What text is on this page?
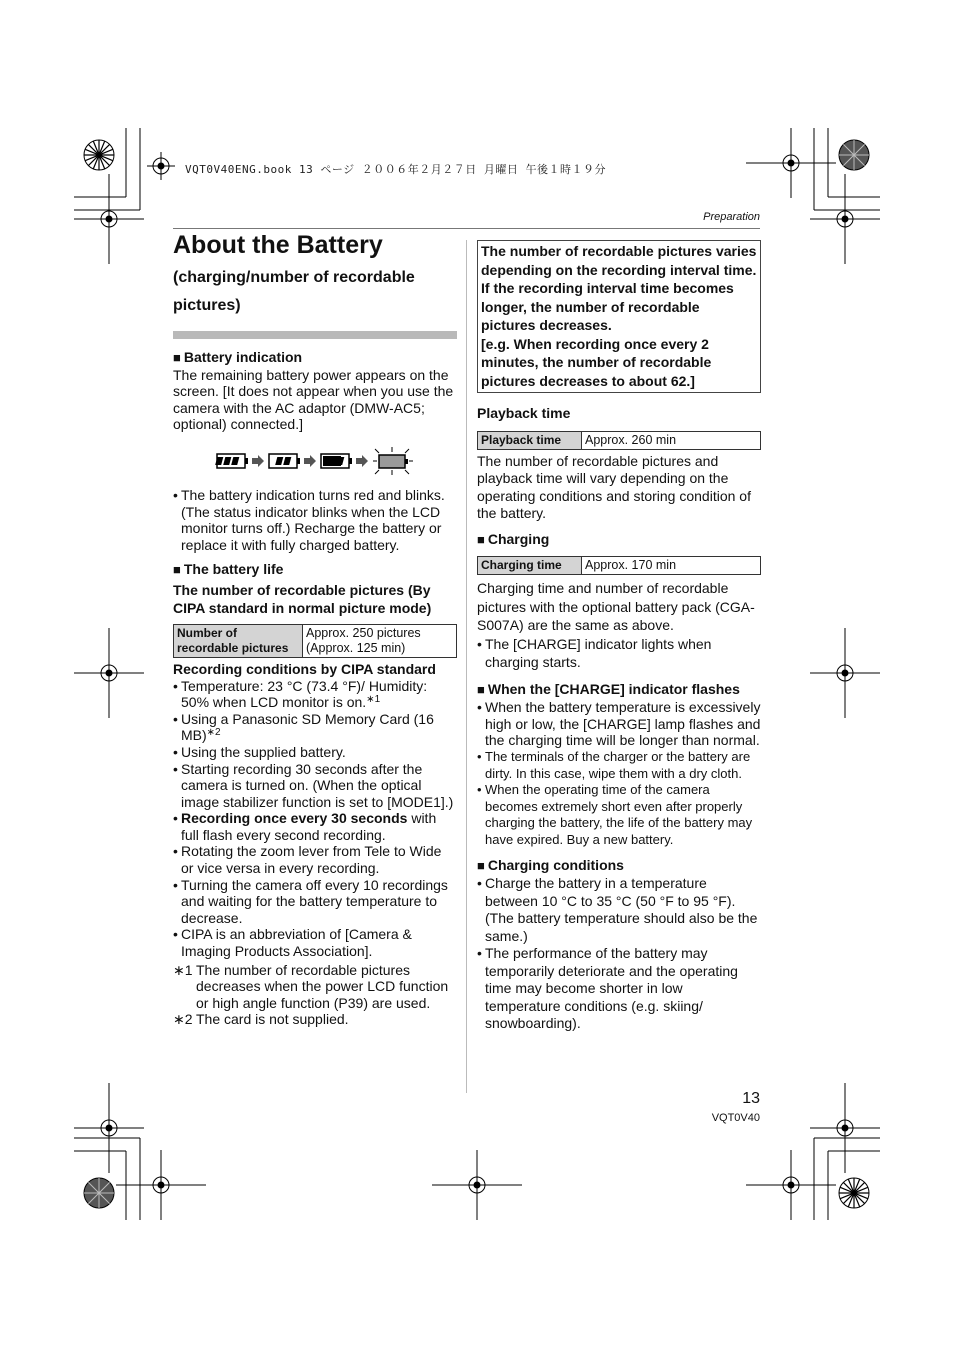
VQT0V40ENG.book 13 ページ ２００６年２月２７日 月曜日 午後１時１９分
Preparation
About the Battery

(charging/number of recordable pictures)

■ Battery indication

The remaining battery power appears on the screen. [It does not appear when you use the camera with the AC adaptor (DMW-AC5; optional) connected.]

• The battery indication turns red and blinks. (The status indicator blinks when the LCD monitor turns off.) Recharge the battery or replace it with fully charged battery.

■ The battery life

The number of recordable pictures (By CIPA standard in normal picture mode)

Number of recordable pictures	Approx. 250 pictures
(Approx. 125 min)

Recording conditions by CIPA standard

• Temperature: 23 °C (73.4 °F)/ Humidity: 50% when LCD monitor is on.$^{∗1}$
• Using a Panasonic SD Memory Card (16 MB)$^{∗2}$
• Using the supplied battery.
• Starting recording 30 seconds after the camera is turned on. (When the optical image stabilizer function is set to [MODE1].)
• Recording once every 30 seconds with full flash every second recording.
• Rotating the zoom lever from Tele to Wide or vice versa in every recording.
• Turning the camera off every 10 recordings and waiting for the battery temperature to decrease.
• CIPA is an abbreviation of [Camera & Imaging Products Association].
∗1 The number of recordable pictures decreases when the power LCD function or high angle function (P39) are used.
∗2 The card is not supplied.
The number of recordable pictures varies depending on the recording interval time.
If the recording interval time becomes longer, the number of recordable pictures decreases.
[e.g. When recording once every 2 minutes, the number of recordable pictures decreases to about 62.]

Playback time

Playback time	Approx. 260 min

The number of recordable pictures and playback time will vary depending on the operating conditions and storing condition of the battery.

■ Charging

Charging time	Approx. 170 min

Charging time and number of recordable pictures with the optional battery pack (CGA-S007A) are the same as above.

• The [CHARGE] indicator lights when charging starts.

■ When the [CHARGE] indicator flashes

• When the battery temperature is excessively high or low, the [CHARGE] lamp flashes and the charging time will be longer than normal.
• The terminals of the charger or the battery are dirty. In this case, wipe them with a dry cloth.
• When the operating time of the camera becomes extremely short even after properly charging the battery, the life of the battery may have expired. Buy a new battery.

■ Charging conditions

• Charge the battery in a temperature between 10 °C to 35 °C (50 °F to 95 °F). (The battery temperature should also be the same.)
• The performance of the battery may temporarily deteriorate and the operating time may become shorter in low temperature conditions (e.g. skiing/ snowboarding).
13
VQT0V40
